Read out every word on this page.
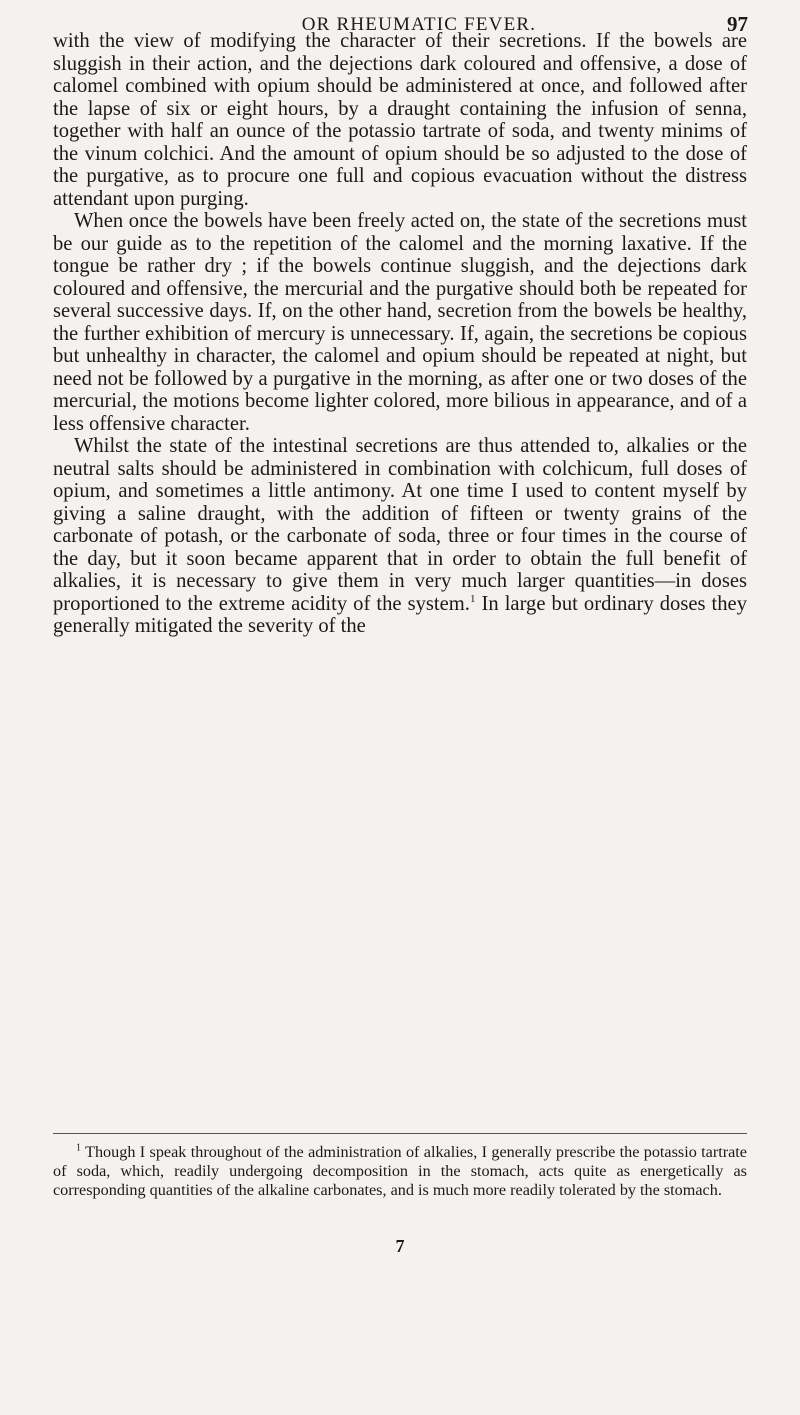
OR RHEUMATIC FEVER.	97

with the view of modifying the character of their secretions. If the bowels are sluggish in their action, and the dejections dark coloured and offensive, a dose of calomel combined with opium should be administered at once, and followed after the lapse of six or eight hours, by a draught containing the infusion of senna, together with half an ounce of the potassio tartrate of soda, and twenty minims of the vinum colchici. And the amount of opium should be so adjusted to the dose of the purgative, as to procure one full and copious evacuation without the distress attendant upon purging.

When once the bowels have been freely acted on, the state of the secretions must be our guide as to the repetition of the calomel and the morning laxative. If the tongue be rather dry ; if the bowels continue sluggish, and the dejections dark coloured and offensive, the mercurial and the purgative should both be repeated for several successive days. If, on the other hand, secretion from the bowels be healthy, the further exhibition of mercury is unnecessary. If, again, the secretions be copious but unhealthy in character, the calomel and opium should be repeated at night, but need not be followed by a purgative in the morning, as after one or two doses of the mercurial, the motions become lighter colored, more bilious in appearance, and of a less offensive character.

Whilst the state of the intestinal secretions are thus attended to, alkalies or the neutral salts should be administered in combination with colchicum, full doses of opium, and sometimes a little antimony. At one time I used to content myself by giving a saline draught, with the addition of fifteen or twenty grains of the carbonate of potash, or the carbonate of soda, three or four times in the course of the day, but it soon became apparent that in order to obtain the full benefit of alkalies, it is necessary to give them in very much larger quantities—in doses proportioned to the extreme acidity of the system.$^1$ In large but ordinary doses they generally mitigated the severity of the

$^1$ Though I speak throughout of the administration of alkalies, I generally prescribe the potassio tartrate of soda, which, readily undergoing decomposition in the stomach, acts quite as energetically as corresponding quantities of the alkaline carbonates, and is much more readily tolerated by the stomach.
7
